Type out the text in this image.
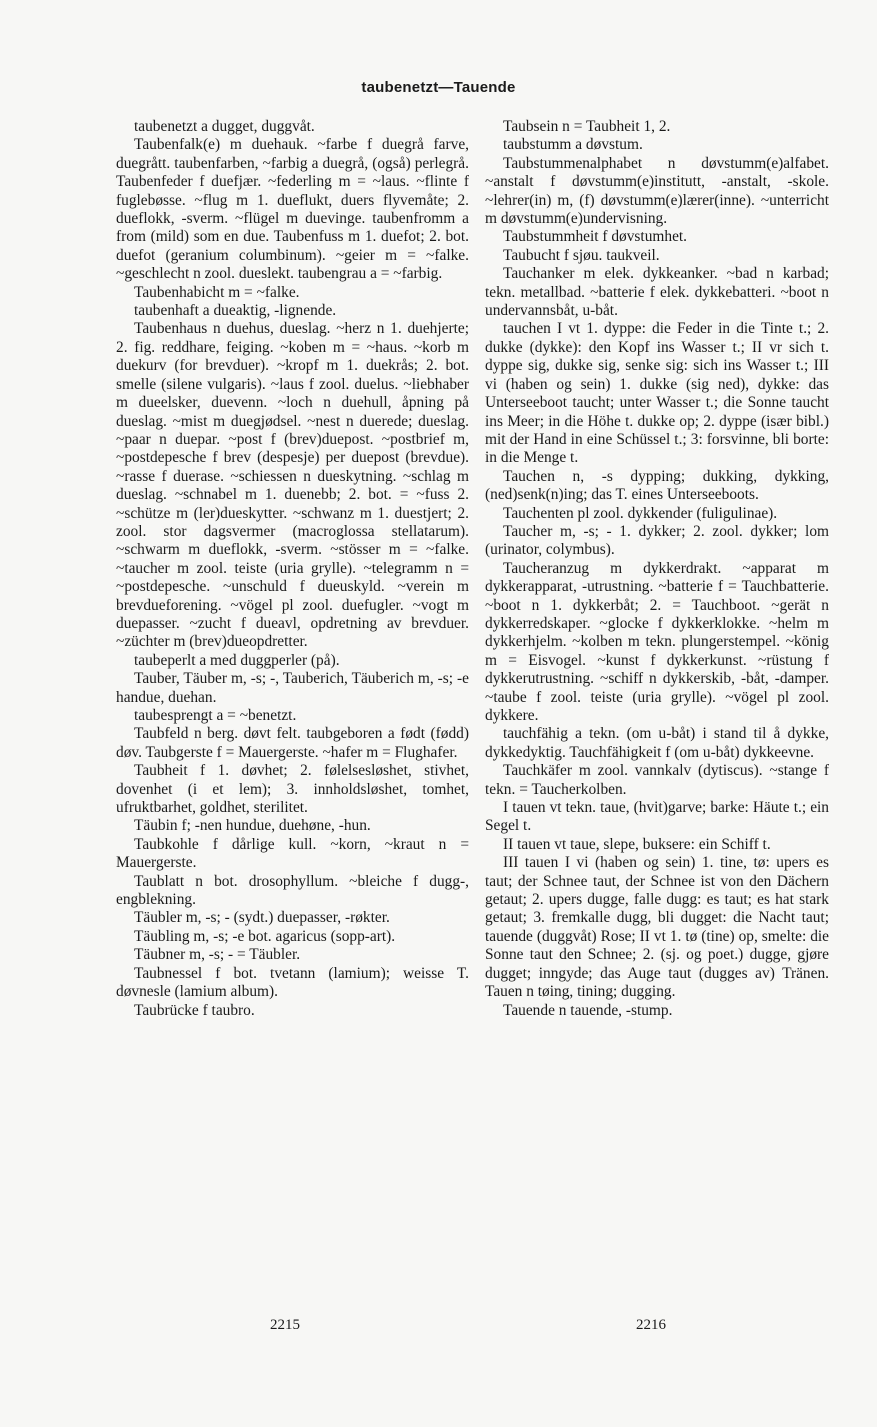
taubenetzt—Tauende

taubenetzt a dugget, duggvåt.

Taubenfalk(e) m duehauk. ~farbe f duegrå farve, duegrått. taubenfarben, ~farbig a duegrå, (også) perlegrå. Taubenfeder f duefjær. ~federling m = ~laus. ~flinte f fuglebøsse. ~flug m 1. dueflukt, duers flyvemåte; 2. dueflokk, -sverm. ~flügel m duevinge. taubenfromm a from (mild) som en due. Taubenfuss m 1. duefot; 2. bot. duefot (geranium columbinum). ~geier m = ~falke. ~geschlecht n zool. dueslekt. taubengrau a = ~farbig.

Taubenhabicht m = ~falke.

taubenhaft a dueaktig, -lignende.

Taubenhaus n duehus, dueslag. ~herz n 1. duehjerte; 2. fig. reddhare, feiging. ~koben m = ~haus. ~korb m duekurv (for brevduer). ~kropf m 1. duekrås; 2. bot. smelle (silene vulgaris). ~laus f zool. duelus. ~liebhaber m dueelsker, duevenn. ~loch n duehull, åpning på dueslag. ~mist m duegjødsel. ~nest n duerede; dueslag. ~paar n duepar. ~post f (brev)duepost. ~postbrief m, ~postdepesche f brev (despesje) per duepost (brevdue). ~rasse f duerase. ~schiessen n dueskytning. ~schlag m dueslag. ~schnabel m 1. duenebb; 2. bot. = ~fuss 2. ~schütze m (ler)dueskytter. ~schwanz m 1. duestjert; 2. zool. stor dagsvermer (macroglossa stellatarum). ~schwarm m dueflokk, -sverm. ~stösser m = ~falke. ~taucher m zool. teiste (uria grylle). ~telegramm n = ~postdepesche. ~unschuld f dueuskyld. ~verein m brevdueforening. ~vögel pl zool. duefugler. ~vogt m duepasser. ~zucht f dueavl, opdretning av brevduer. ~züchter m (brev)dueopdretter.

taubeperlt a med duggperler (på).

Tauber, Täuber m, -s; -, Tauberich, Täuberich m, -s; -e handue, duehan.

taubesprengt a = ~benetzt.

Taubfeld n berg. døvt felt. taubgeboren a født (fødd) døv. Taubgerste f = Mauergerste. ~hafer m = Flughafer.

Taubheit f 1. døvhet; 2. følelsesløshet, stivhet, dovenhet (i et lem); 3. innholdsløshet, tomhet, ufruktbarhet, goldhet, sterilitet.

Täubin f; -nen hundue, duehøne, -hun.

Taubkohle f dårlige kull. ~korn, ~kraut n = Mauergerste.

Taublatt n bot. drosophyllum. ~bleiche f dugg-, engblekning.

Täubler m, -s; - (sydt.) duepasser, -røkter.

Täubling m, -s; -e bot. agaricus (sopp-art).

Täubner m, -s; - = Täubler.

Taubnessel f bot. tvetann (lamium); weisse T. døvnesle (lamium album).

Taubrücke f taubro.

Taubsein n = Taubheit 1, 2.

taubstumm a døvstum.

Taubstummenalphabet n døvstumm(e)alfabet. ~anstalt f døvstumm(e)institutt, -anstalt, -skole. ~lehrer(in) m, (f) døvstumm(e)lærer(inne). ~unterricht m døvstumm(e)undervisning.

Taubstummheit f døvstumhet.

Taubucht f sjøu. taukveil.

Tauchanker m elek. dykkeanker. ~bad n karbad; tekn. metallbad. ~batterie f elek. dykkebatteri. ~boot n undervannsbåt, u-båt.

tauchen I vt 1. dyppe: die Feder in die Tinte t.; 2. dukke (dykke): den Kopf ins Wasser t.; II vr sich t. dyppe sig, dukke sig, senke sig: sich ins Wasser t.; III vi (haben og sein) 1. dukke (sig ned), dykke: das Unterseeboot taucht; unter Wasser t.; die Sonne taucht ins Meer; in die Höhe t. dukke op; 2. dyppe (især bibl.) mit der Hand in eine Schüssel t.; 3: forsvinne, bli borte: in die Menge t.

Tauchen n, -s dypping; dukking, dykking, (ned)senk(n)ing; das T. eines Unterseeboots.

Tauchenten pl zool. dykkender (fuligulinae).

Taucher m, -s; - 1. dykker; 2. zool. dykker; lom (urinator, colymbus).

Taucheranzug m dykkerdrakt. ~apparat m dykkerapparat, -utrustning. ~batterie f = Tauchbatterie. ~boot n 1. dykkerbåt; 2. = Tauchboot. ~gerät n dykkerredskaper. ~glocke f dykkerklokke. ~helm m dykkerhjelm. ~kolben m tekn. plungerstempel. ~könig m = Eisvogel. ~kunst f dykkerkunst. ~rüstung f dykkerutrustning. ~schiff n dykkerskib, -båt, -damper. ~taube f zool. teiste (uria grylle). ~vögel pl zool. dykkere.

tauchfähig a tekn. (om u-båt) i stand til å dykke, dykkedyktig. Tauchfähigkeit f (om u-båt) dykkeevne.

Tauchkäfer m zool. vannkalv (dytiscus). ~stange f tekn. = Taucherkolben.

I tauen vt tekn. taue, (hvit)garve; barke: Häute t.; ein Segel t.

II tauen vt taue, slepe, buksere: ein Schiff t.

III tauen I vi (haben og sein) 1. tine, tø: upers es taut; der Schnee taut, der Schnee ist von den Dächern getaut; 2. upers dugge, falle dugg: es taut; es hat stark getaut; 3. fremkalle dugg, bli dugget: die Nacht taut; tauende (duggvåt) Rose; II vt 1. tø (tine) op, smelte: die Sonne taut den Schnee; 2. (sj. og poet.) dugge, gjøre dugget; inngyde; das Auge taut (dugges av) Tränen. Tauen n tøing, tining; dugging.

Tauende n tauende, -stump.

2215	2216
